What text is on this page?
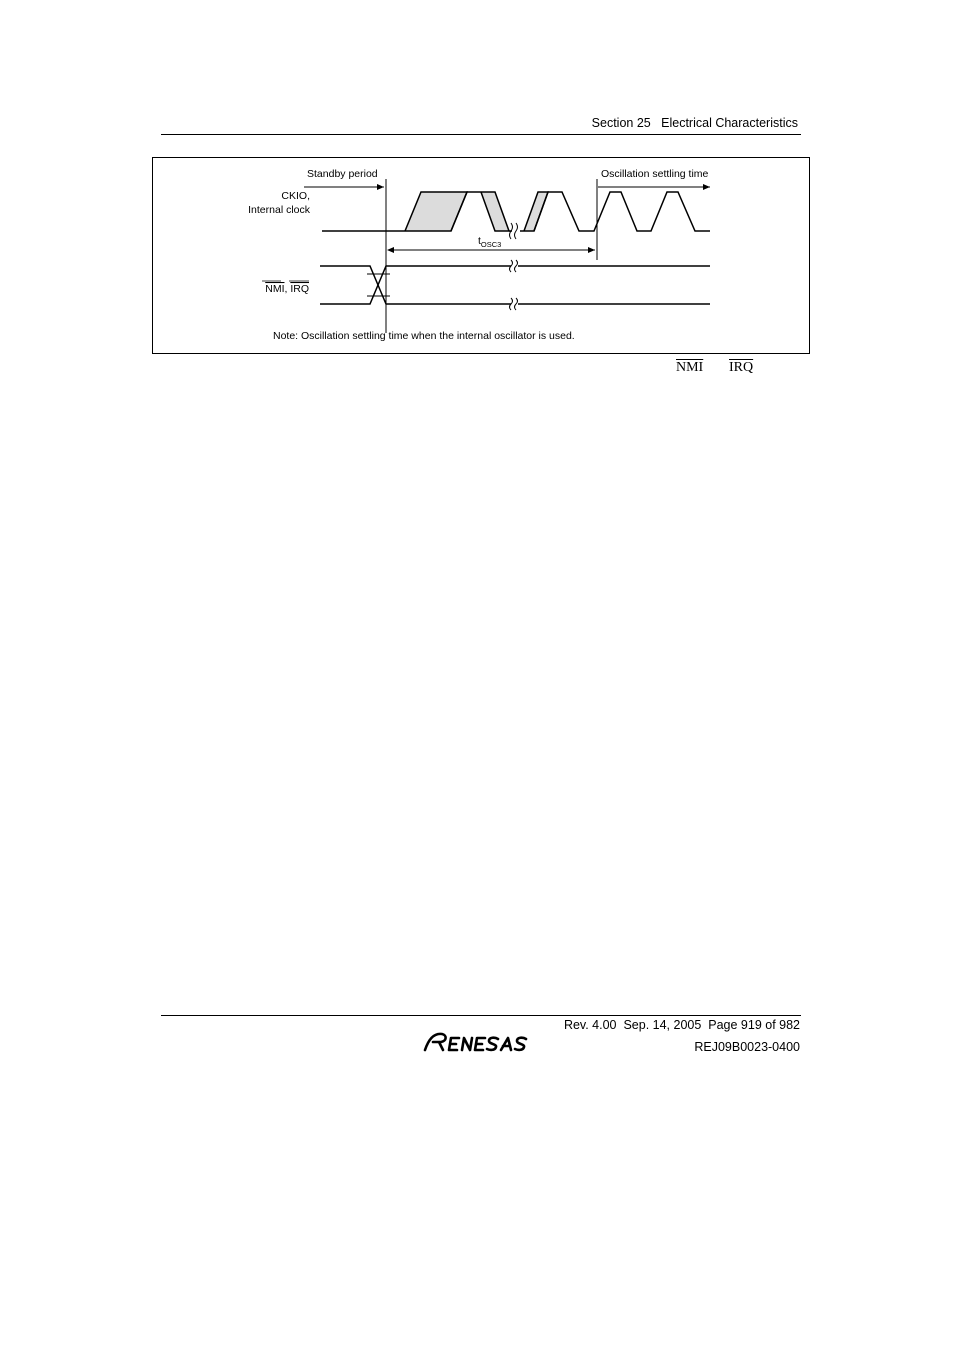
Section 25   Electrical Characteristics
Standby period	Oscillation settling time
CKIO,
Internal clock
$t_{OSC3}$
NMI, IRQ
Note: Oscillation settling time when the internal oscillator is used.
$\overline{NMI}$ $\overline{IRQ}$
Rev. 4.00  Sep. 14, 2005  Page 919 of 982
REJ09B0023-0400
